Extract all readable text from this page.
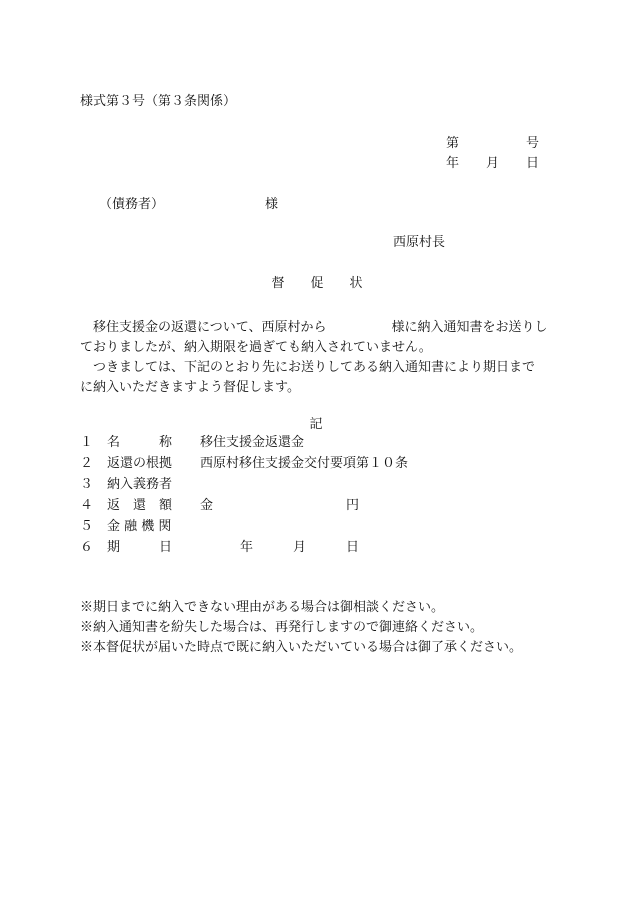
様式第３号（第３条関係）
第	号
年 月 日
（債務者）	様
西原村長
督　　促　　状
移住支援金の返還について、西原村から　　　　　様に納入通知書をお送りし
ておりましたが、納入期限を過ぎても納入されていません。
つきましては、下記のとおり先にお送りしてある納入通知書により期日まで
に納入いただきますよう督促します。
記
１ 名　　　称 移住支援金返還金
２ 返還の根拠 西原村移住支援金交付要項第１０条
３ 納入義務者
４ 返　還　額 金	円
５ 金 融 機 関
６ 期　　　日	年	月	日
※期日までに納入できない理由がある場合は御相談ください。
※納入通知書を紛失した場合は、再発行しますので御連絡ください。
※本督促状が届いた時点で既に納入いただいている場合は御了承ください。
